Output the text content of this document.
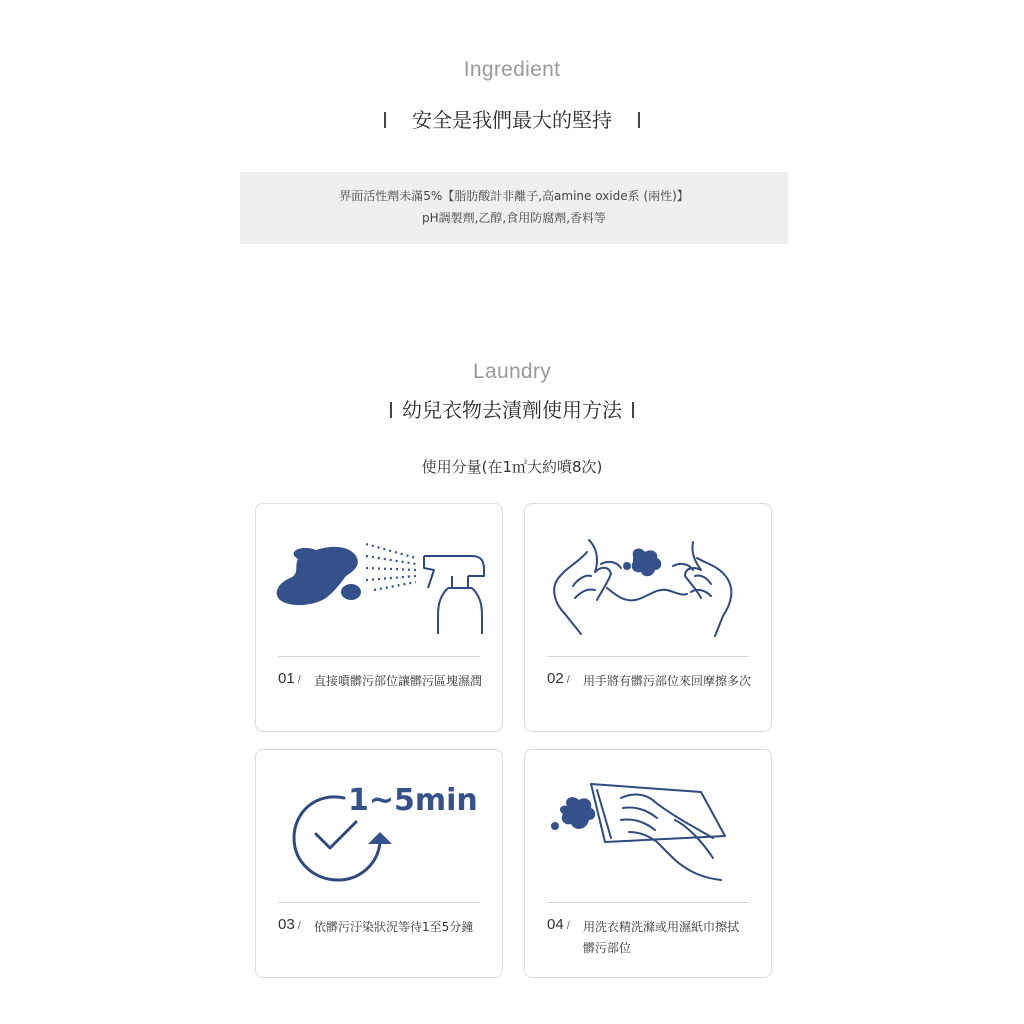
Ingredient
安全是我們最大的堅持
界面活性劑未滿5%【脂肪酸計非離子,高amine oxide系 (兩性)】
pH調製劑,乙醇,食用防腐劑,香料等
Laundry
幼兒衣物去漬劑使用方法
使用分量(在1㎡大約噴8次)
01 / 直接噴髒污部位讓髒污區塊濕潤	02 / 用手將有髒污部位來回摩擦多次
1~5min
03 / 依髒污汙染狀況等待1至5分鐘	04 / 用洗衣精洗滌或用濕紙巾擦拭
髒污部位
